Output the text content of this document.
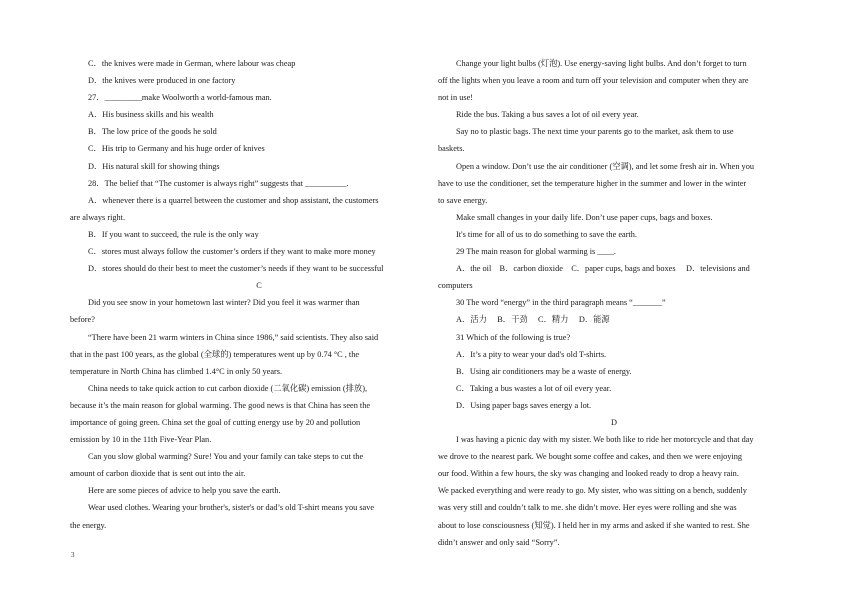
C．the knives were made in German, where labour was cheap
D．the knives were produced in one factory
27．_________make Woolworth a world-famous man.
A．His business skills and his wealth
B．The low price of the goods he sold
C．His trip to Germany and his huge order of knives
D．His natural skill for showing things
28．The belief that “The customer is always right” suggests that __________.
A．whenever there is a quarrel between the customer and shop assistant, the customers
are always right.
B．If you want to succeed, the rule is the only way
C．stores must always follow the customer’s orders if they want to make more money
D．stores should do their best to meet the customer’s needs if they want to be successful
C
Did you see snow in your hometown last winter? Did you feel it was warmer than
before?
“There have been 21 warm winters in China since 1986,” said scientists. They also said
that in the past 100 years, as the global (全球的) temperatures went up by 0.74 °C , the
temperature in North China has climbed 1.4°C in only 50 years.
China needs to take quick action to cut carbon dioxide (二氧化碳) emission (排放),
because it’s the main reason for global warming. The good news is that China has seen the
importance of going green. China set the goal of cutting energy use by 20 and pollution
emission by 10 in the 11th Five-Year Plan.
Can you slow global warming? Sure! You and your family can take steps to cut the
amount of carbon dioxide that is sent out into the air.
Here are some pieces of advice to help you save the earth.
Wear used clothes. Wearing your brother's, sister's or dad’s old T-shirt means you save
the energy.
Change your light bulbs (灯泡). Use energy-saving light bulbs. And don’t forget to turn
off the lights when you leave a room and turn off your television and computer when they are
not in use!
Ride the bus. Taking a bus saves a lot of oil every year.
Say no to plastic bags. The next time your parents go to the market, ask them to use
baskets.
Open a window. Don’t use the air conditioner (空调), and let some fresh air in. When you
have to use the conditioner, set the temperature higher in the summer and lower in the winter
to save energy.
Make small changes in your daily life. Don’t use paper cups, bags and boxes.
It's time for all of us to do something to save the earth.
29 The main reason for global warming is ____.
A．the oil　B．carbon dioxide　C．paper cups, bags and boxes　 D．televisions and
computers
30 The word “energy” in the third paragraph means “_______”
A．活力　 B．干劲　 C．精力　 D．能源
31 Which of the following is true?
A．It’s a pity to wear your dad's old T-shirts.
B．Using air conditioners may be a waste of energy.
C．Taking a bus wastes a lot of oil every year.
D．Using paper bags saves energy a lot.
D
I was having a picnic day with my sister. We both like to ride her motorcycle and that day
we drove to the nearest park. We bought some coffee and cakes, and then we were enjoying
our food. Within a few hours, the sky was changing and looked ready to drop a heavy rain.
We packed everything and were ready to go. My sister, who was sitting on a bench, suddenly
was very still and couldn’t talk to me. she didn’t move. Her eyes were rolling and she was
about to lose consciousness (知觉). I held her in my arms and asked if she wanted to rest. She
didn’t answer and only said “Sorry”.
3
